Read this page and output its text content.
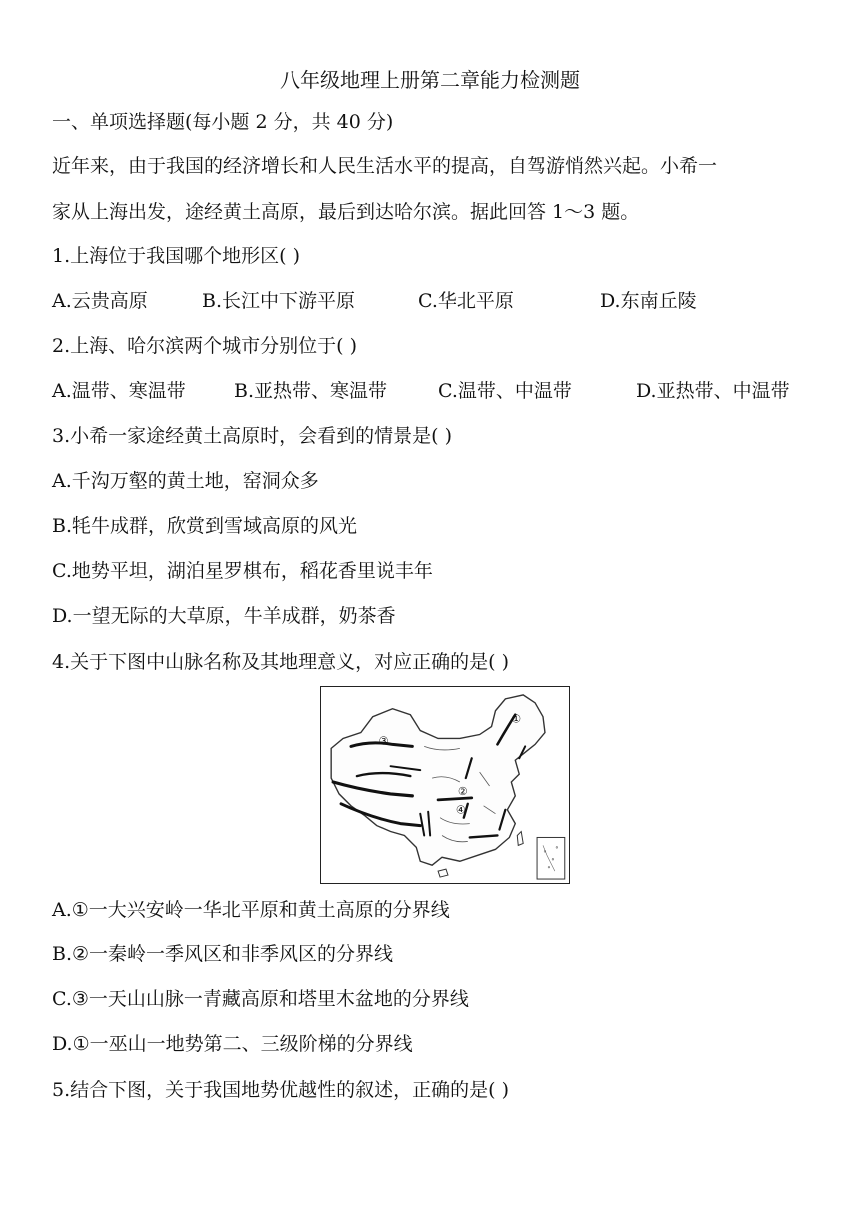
八年级地理上册第二章能力检测题
一、单项选择题(每小题 2 分，共 40 分)
近年来，由于我国的经济增长和人民生活水平的提高，自驾游悄然兴起。小希一
家从上海出发，途经黄土高原，最后到达哈尔滨。据此回答 1～3 题。
1.上海位于我国哪个地形区( )
A.云贵高原	B.长江中下游平原	C.华北平原	D.东南丘陵
2.上海、哈尔滨两个城市分别位于( )
A.温带、寒温带	B.亚热带、寒温带	C.温带、中温带	D.亚热带、中温带
3.小希一家途经黄土高原时，会看到的情景是( )
A.千沟万壑的黄土地，窑洞众多
B.牦牛成群，欣赏到雪域高原的风光
C.地势平坦，湖泊星罗棋布，稻花香里说丰年
D.一望无际的大草原，牛羊成群，奶茶香
4.关于下图中山脉名称及其地理意义，对应正确的是( )
①
②
③
④
A.①一大兴安岭一华北平原和黄土高原的分界线
B.②一秦岭一季风区和非季风区的分界线
C.③一天山山脉一青藏高原和塔里木盆地的分界线
D.①一巫山一地势第二、三级阶梯的分界线
5.结合下图，关于我国地势优越性的叙述，正确的是( )
